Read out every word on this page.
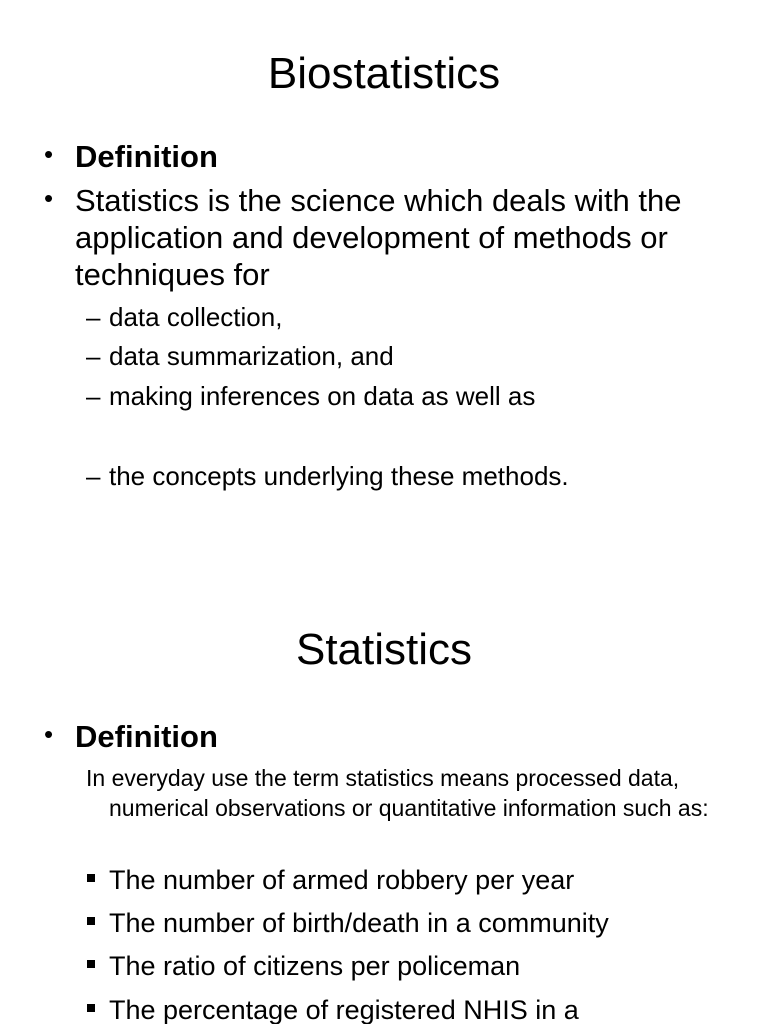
Biostatistics
• Definition
• Statistics is the science which deals with the application and development of methods or techniques for
– data collection,
– data summarization, and
– making inferences on data as well as
– the concepts underlying these methods.
Statistics
• Definition
In everyday use the term statistics means processed data, numerical observations or quantitative information such as:
The number of armed robbery per year
The number of birth/death in a community
The ratio of citizens per policeman
The percentage of registered NHIS in a
